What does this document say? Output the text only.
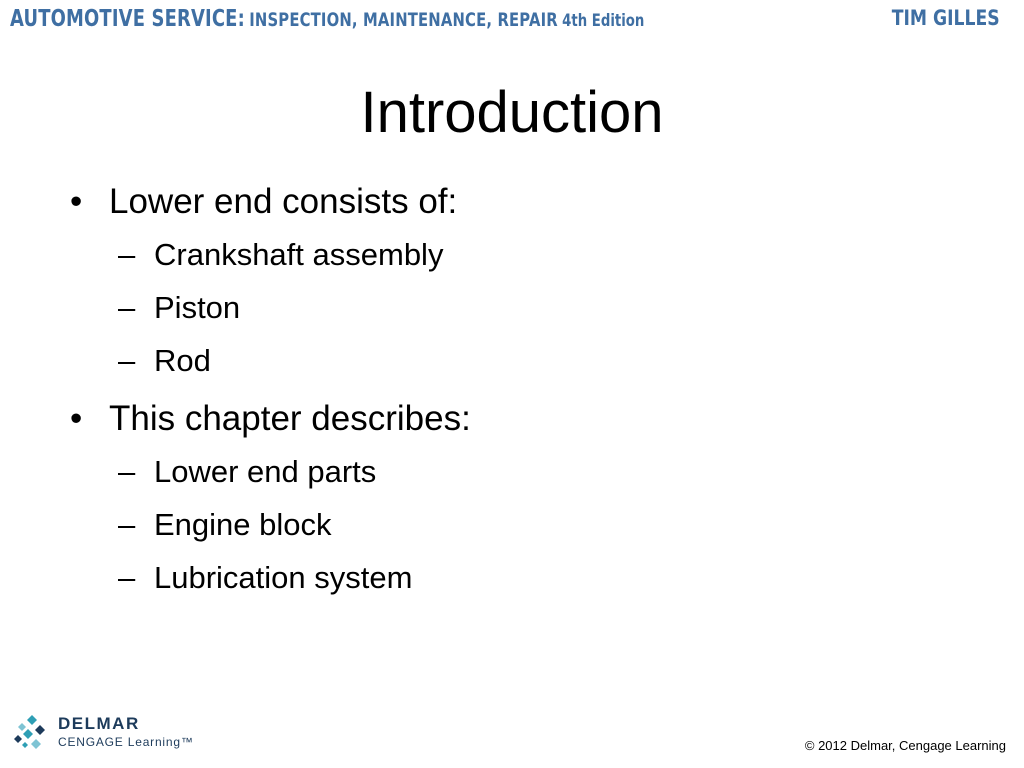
AUTOMOTIVE SERVICE: INSPECTION, MAINTENANCE, REPAIR 4th Edition	TIM GILLES
Introduction
• Lower end consists of:
– Crankshaft assembly
– Piston
– Rod
• This chapter describes:
– Lower end parts
– Engine block
– Lubrication system
DELMAR
CENGAGE Learning™	© 2012 Delmar, Cengage Learning
